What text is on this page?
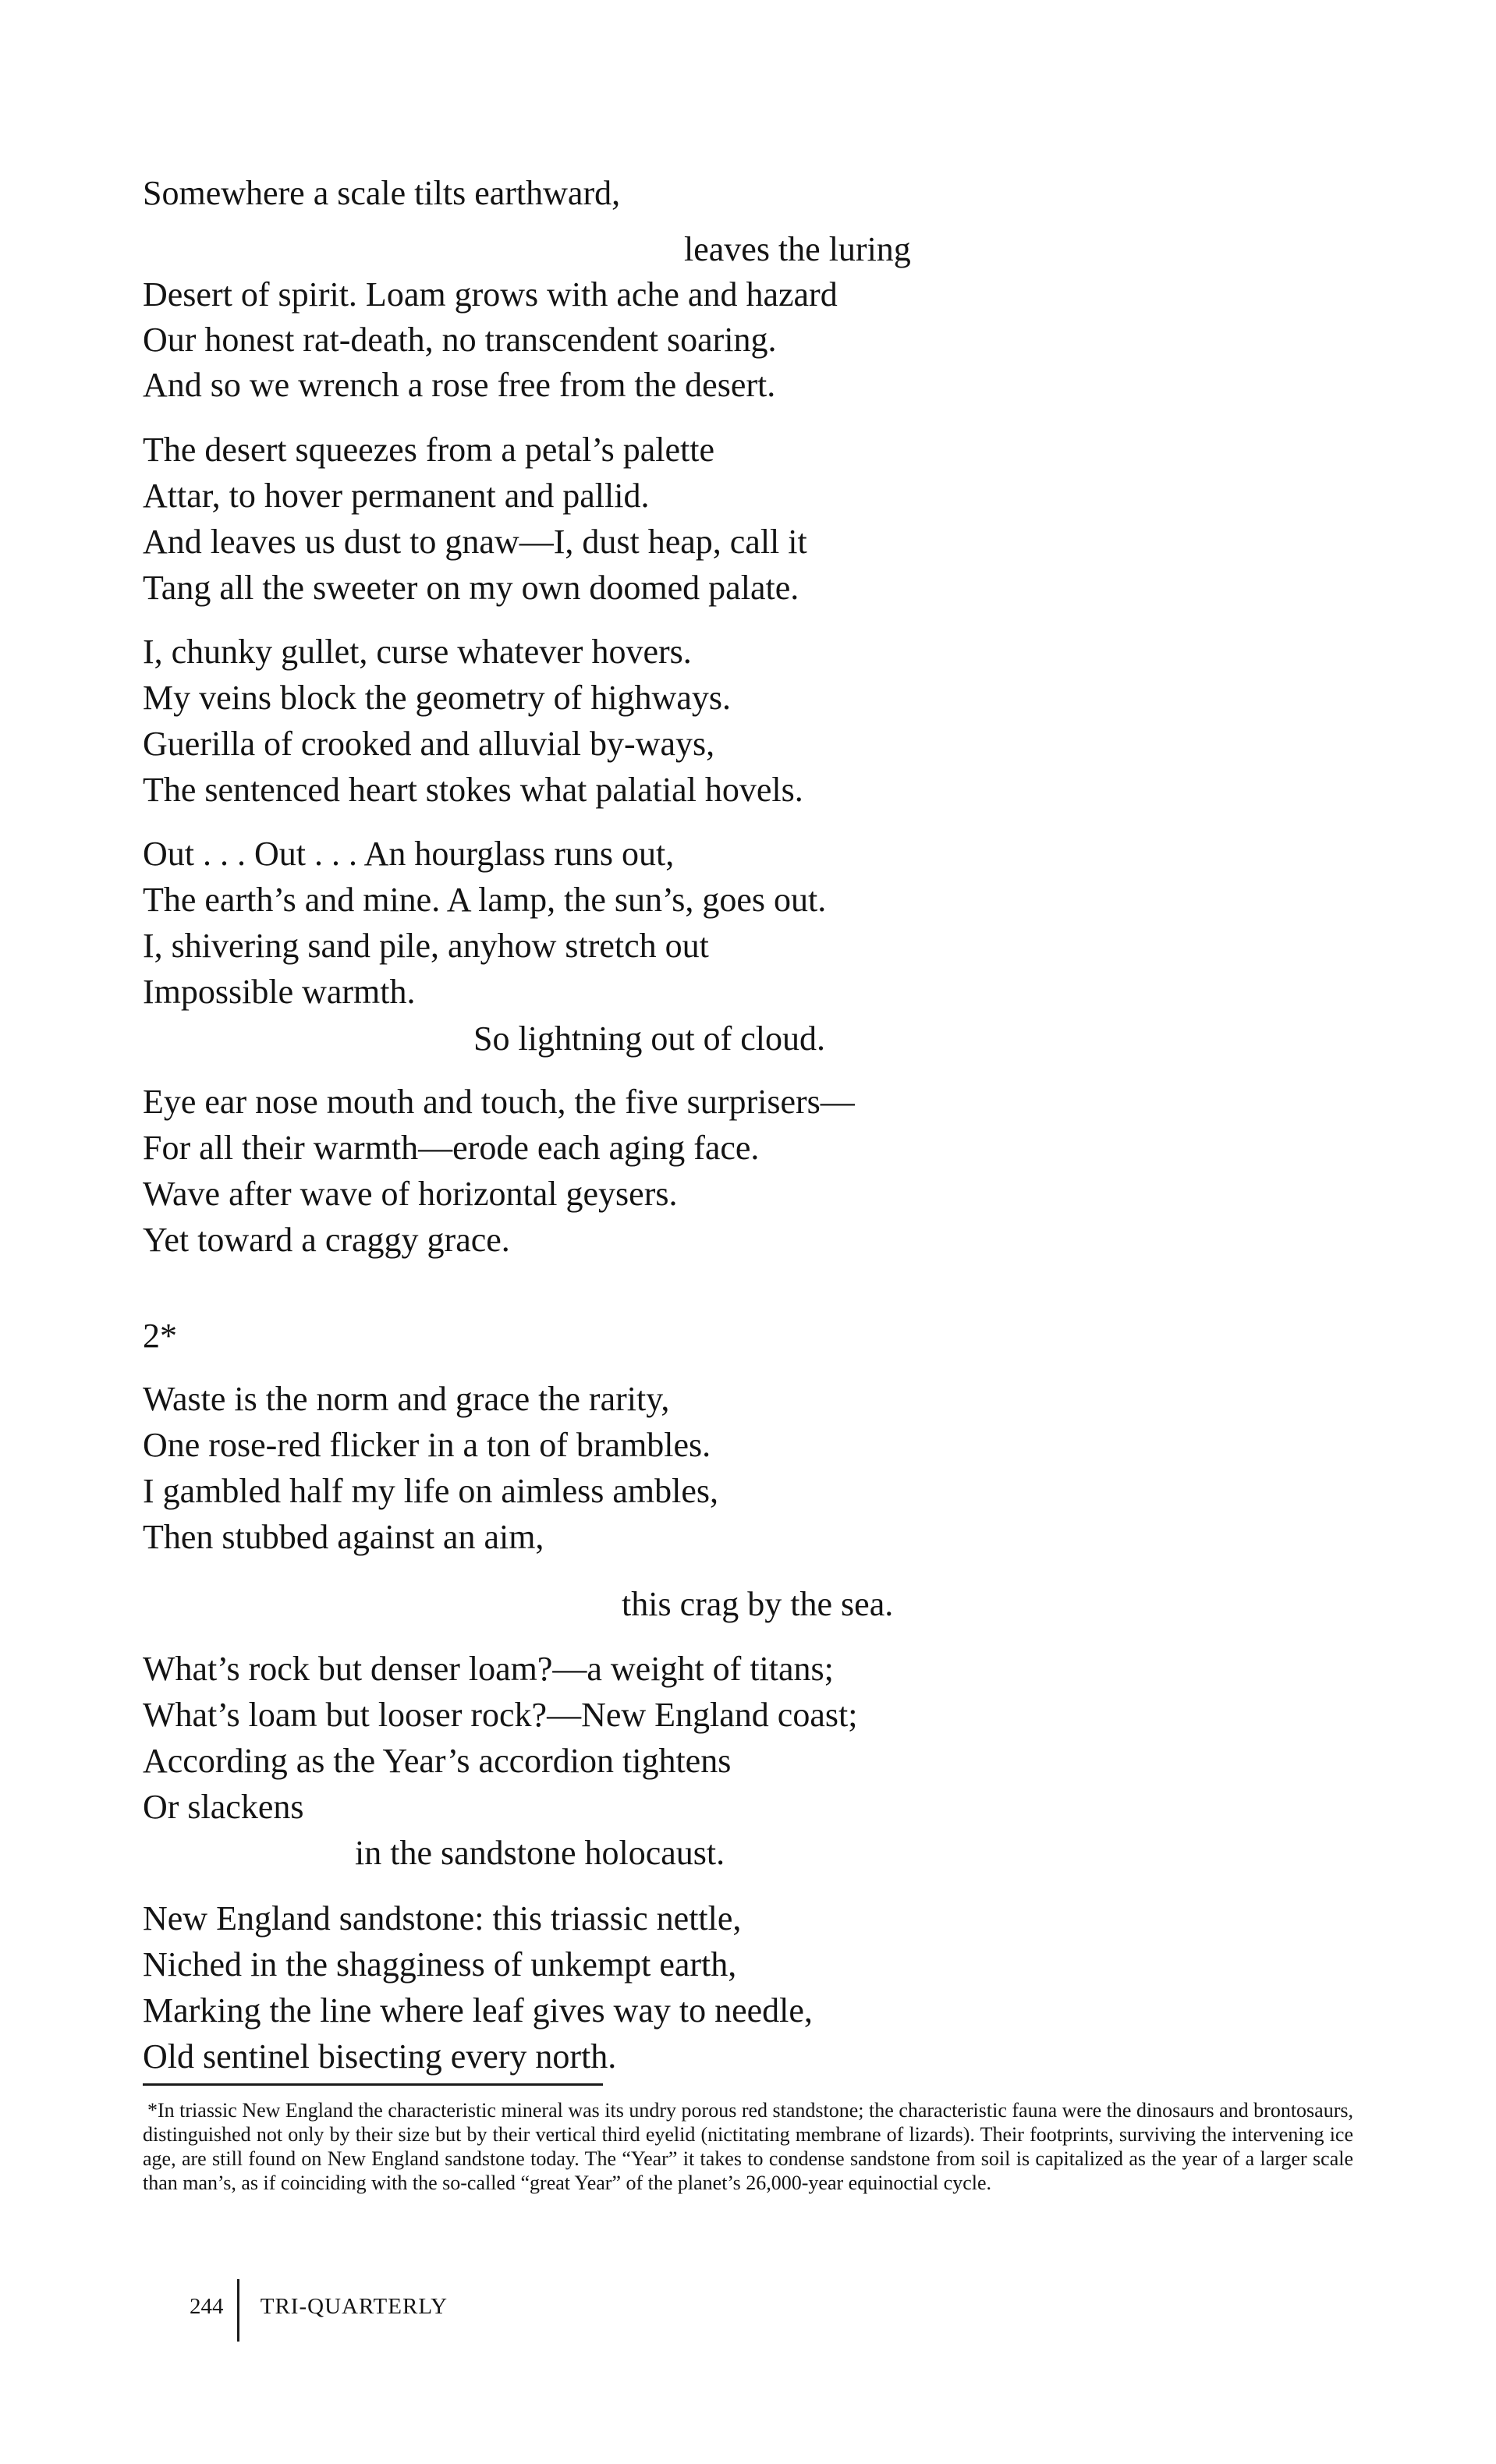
Somewhere a scale tilts earthward,
leaves the luring
Desert of spirit. Loam grows with ache and hazard
Our honest rat-death, no transcendent soaring.
And so we wrench a rose free from the desert.
The desert squeezes from a petal’s palette
Attar, to hover permanent and pallid.
And leaves us dust to gnaw—I, dust heap, call it
Tang all the sweeter on my own doomed palate.
I, chunky gullet, curse whatever hovers.
My veins block the geometry of highways.
Guerilla of crooked and alluvial by-ways,
The sentenced heart stokes what palatial hovels.
Out . . . Out . . . An hourglass runs out,
The earth’s and mine. A lamp, the sun’s, goes out.
I, shivering sand pile, anyhow stretch out
Impossible warmth.
So lightning out of cloud.
Eye ear nose mouth and touch, the five surprisers—
For all their warmth—erode each aging face.
Wave after wave of horizontal geysers.
Yet toward a craggy grace.
2*
Waste is the norm and grace the rarity,
One rose-red flicker in a ton of brambles.
I gambled half my life on aimless ambles,
Then stubbed against an aim,
this crag by the sea.
What’s rock but denser loam?—a weight of titans;
What’s loam but looser rock?—New England coast;
According as the Year’s accordion tightens
Or slackens
in the sandstone holocaust.
New England sandstone: this triassic nettle,
Niched in the shagginess of unkempt earth,
Marking the line where leaf gives way to needle,
Old sentinel bisecting every north.
*In triassic New England the characteristic mineral was its undry porous red standstone; the characteristic fauna were the dinosaurs and brontosaurs, distinguished not only by their size but by their vertical third eyelid (nictitating membrane of lizards). Their footprints, surviving the intervening ice age, are still found on New England sandstone today. The “Year” it takes to condense sandstone from soil is capitalized as the year of a larger scale than man’s, as if coinciding with the so-called “great Year” of the planet’s 26,000-year equinoctial cycle.
244 TRI-QUARTERLY
